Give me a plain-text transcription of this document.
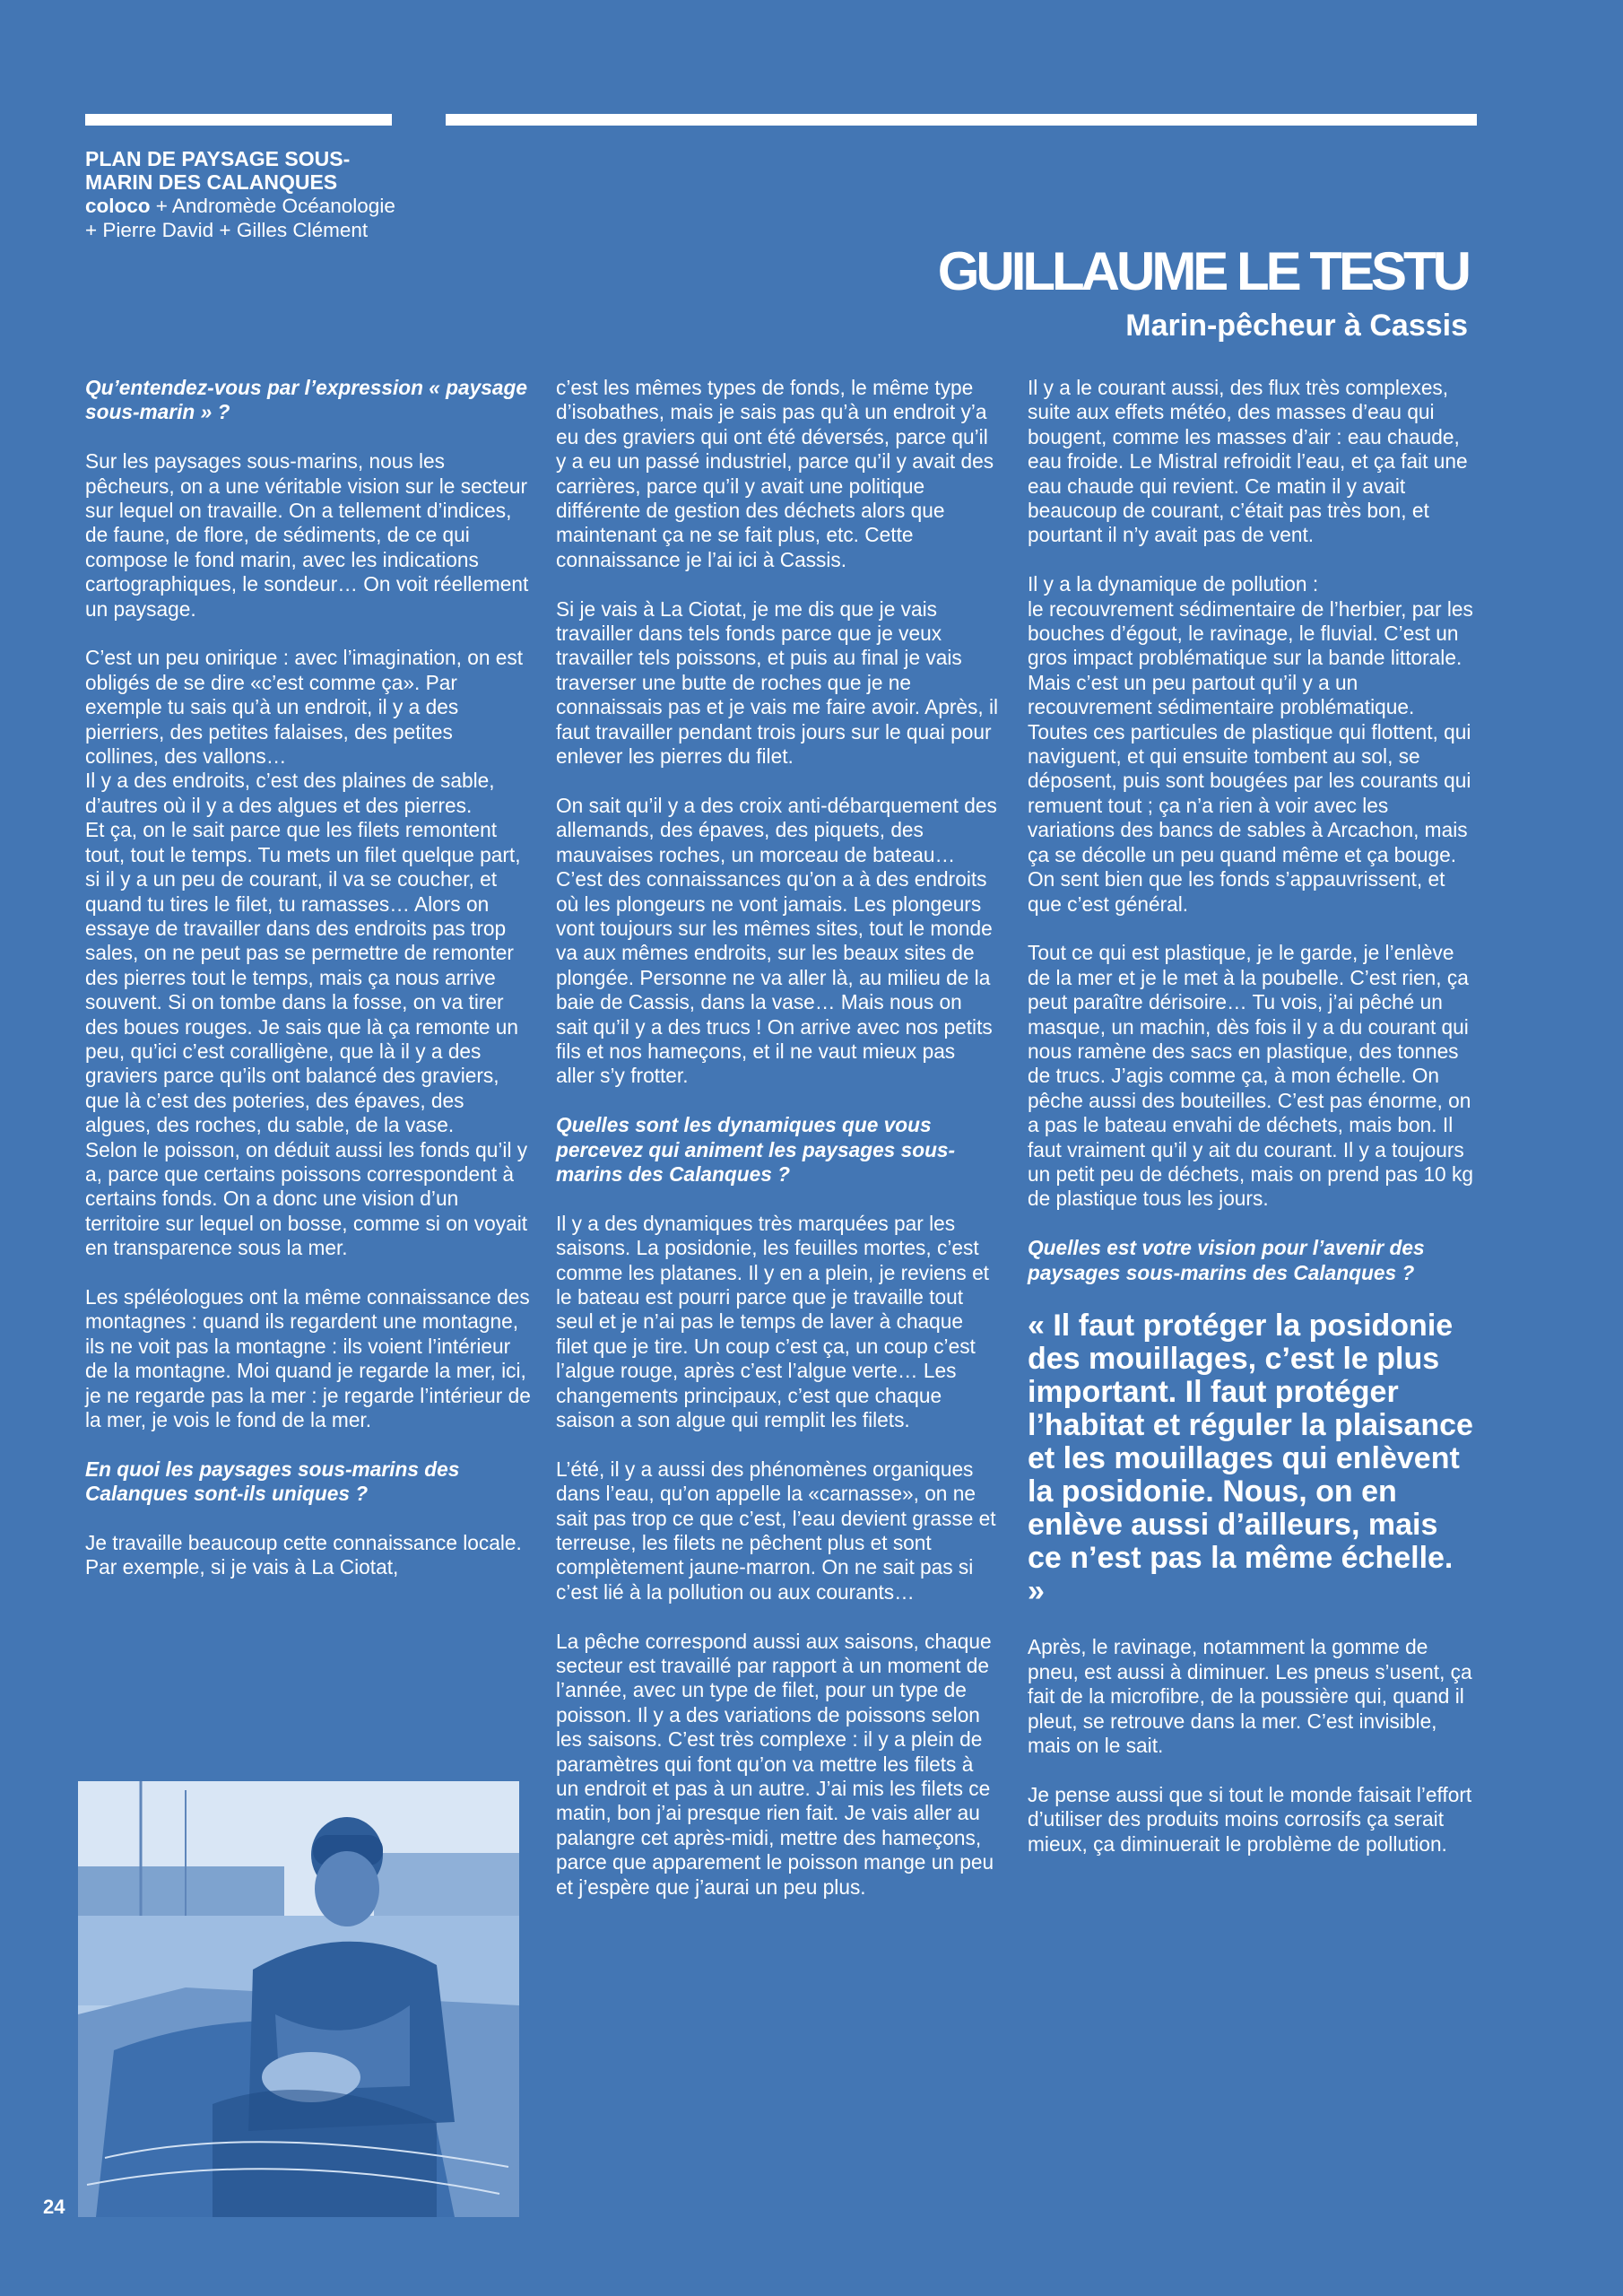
PLAN DE PAYSAGE SOUS-MARIN DES CALANQUES
coloco + Andromède Océanologie + Pierre David + Gilles Clément
GUILLAUME LE TESTU
Marin-pêcheur à Cassis

Qu’entendez-vous par l’expression « paysage sous-marin » ?

Sur les paysages sous-marins, nous les pêcheurs, on a une véritable vision sur le secteur sur lequel on travaille. On a tellement d’indices, de faune, de flore, de sédiments, de ce qui compose le fond marin, avec les indications cartographiques, le sondeur… On voit réellement un paysage.

C’est un peu onirique : avec l’imagination, on est obligés de se dire «c’est comme ça». Par exemple tu sais qu’à un endroit, il y a des pierriers, des petites falaises, des petites collines, des vallons…
Il y a des endroits, c’est des plaines de sable, d’autres où il y a des algues et des pierres.
Et ça, on le sait parce que les filets remontent tout, tout le temps. Tu mets un filet quelque part, si il y a un peu de courant, il va se coucher, et quand tu tires le filet, tu ramasses… Alors on essaye de travailler dans des endroits pas trop sales, on ne peut pas se permettre de remonter des pierres tout le temps, mais ça nous arrive souvent. Si on tombe dans la fosse, on va tirer des boues rouges. Je sais que là ça remonte un peu, qu’ici c’est coralligène, que là il y a des graviers parce qu’ils ont balancé des graviers, que là c’est des poteries, des épaves, des algues, des roches, du sable, de la vase.
Selon le poisson, on déduit aussi les fonds qu’il y a, parce que certains poissons correspondent à certains fonds. On a donc une vision d’un territoire sur lequel on bosse, comme si on voyait en transparence sous la mer.

Les spéléologues ont la même connaissance des montagnes : quand ils regardent une montagne, ils ne voit pas la montagne : ils voient l’intérieur de la montagne. Moi quand je regarde la mer, ici, je ne regarde pas la mer : je regarde l’intérieur de la mer, je vois le fond de la mer.

En quoi les paysages sous-marins des Calanques sont-ils uniques ?

Je travaille beaucoup cette connaissance locale. Par exemple, si je vais à La Ciotat,

c’est les mêmes types de fonds, le même type d’isobathes, mais je sais pas qu’à un endroit y’a eu des graviers qui ont été déversés, parce qu’il y a eu un passé industriel, parce qu’il y avait des carrières, parce qu’il y avait une politique différente de gestion des déchets alors que maintenant ça ne se fait plus, etc. Cette connaissance je l’ai ici à Cassis.

Si je vais à La Ciotat, je me dis que je vais travailler dans tels fonds parce que je veux travailler tels poissons, et puis au final je vais traverser une butte de roches que je ne connaissais pas et je vais me faire avoir. Après, il faut travailler pendant trois jours sur le quai pour enlever les pierres du filet.

On sait qu’il y a des croix anti-débarquement des allemands, des épaves, des piquets, des mauvaises roches, un morceau de bateau…
C’est des connaissances qu’on a à des endroits où les plongeurs ne vont jamais. Les plongeurs vont toujours sur les mêmes sites, tout le monde va aux mêmes endroits, sur les beaux sites de plongée. Personne ne va aller là, au milieu de la baie de Cassis, dans la vase… Mais nous on sait qu’il y a des trucs ! On arrive avec nos petits fils et nos hameçons, et il ne vaut mieux pas aller s’y frotter.

Quelles sont les dynamiques que vous percevez qui animent les paysages sous-marins des Calanques ?

Il y a des dynamiques très marquées par les saisons. La posidonie, les feuilles mortes, c’est comme les platanes. Il y en a plein, je reviens et le bateau est pourri parce que je travaille tout seul et je n’ai pas le temps de laver à chaque filet que je tire. Un coup c’est ça, un coup c’est l’algue rouge, après c’est l’algue verte… Les changements principaux, c’est que chaque saison a son algue qui remplit les filets.

L’été, il y a aussi des phénomènes organiques dans l’eau, qu’on appelle la «carnasse», on ne sait pas trop ce que c’est, l’eau devient grasse et terreuse, les filets ne pêchent plus et sont complètement jaune-marron. On ne sait pas si c’est lié à la pollution ou aux courants…

La pêche correspond aussi aux saisons, chaque secteur est travaillé par rapport à un moment de l’année, avec un type de filet, pour un type de poisson. Il y a des variations de poissons selon les saisons. C’est très complexe : il y a plein de paramètres qui font qu’on va mettre les filets à un endroit et pas à un autre. J’ai mis les filets ce matin, bon j’ai presque rien fait. Je vais aller au palangre cet après-midi, mettre des hameçons, parce que apparement le poisson mange un peu et j’espère que j’aurai un peu plus.

Il y a le courant aussi, des flux très complexes, suite aux effets météo, des masses d’eau qui bougent, comme les masses d’air : eau chaude, eau froide. Le Mistral refroidit l’eau, et ça fait une eau chaude qui revient. Ce matin il y avait beaucoup de courant, c’était pas très bon, et pourtant il n’y avait pas de vent.

Il y a la dynamique de pollution :
le recouvrement sédimentaire de l’herbier, par les bouches d’égout, le ravinage, le fluvial. C’est un gros impact problématique sur la bande littorale. Mais c’est un peu partout qu’il y a un recouvrement sédimentaire problématique. Toutes ces particules de plastique qui flottent, qui naviguent, et qui ensuite tombent au sol, se déposent, puis sont bougées par les courants qui remuent tout ; ça n’a rien à voir avec les variations des bancs de sables à Arcachon, mais ça se décolle un peu quand même et ça bouge.
On sent bien que les fonds s’appauvrissent, et que c’est général.

Tout ce qui est plastique, je le garde, je l’enlève de la mer et je le met à la poubelle. C’est rien, ça peut paraître dérisoire… Tu vois, j’ai pêché un masque, un machin, dès fois il y a du courant qui nous ramène des sacs en plastique, des tonnes de trucs. J’agis comme ça, à mon échelle. On pêche aussi des bouteilles. C’est pas énorme, on a pas le bateau envahi de déchets, mais bon. Il faut vraiment qu’il y ait du courant. Il y a toujours un petit peu de déchets, mais on prend pas 10 kg de plastique tous les jours.

Quelles est votre vision pour l’avenir des paysages sous-marins des Calanques ?

« Il faut protéger la posidonie des mouillages, c’est le plus important. Il faut protéger l’habitat et réguler la plaisance et les mouillages qui enlèvent la posidonie. Nous, on en enlève aussi d’ailleurs, mais ce n’est pas la même échelle. »

Après, le ravinage, notamment la gomme de pneu, est aussi à diminuer. Les pneus s’usent, ça fait de la microfibre, de la poussière qui, quand il pleut, se retrouve dans la mer. C’est invisible, mais on le sait.

Je pense aussi que si tout le monde faisait l’effort d’utiliser des produits moins corrosifs ça serait mieux, ça diminuerait le problème de pollution.

24
